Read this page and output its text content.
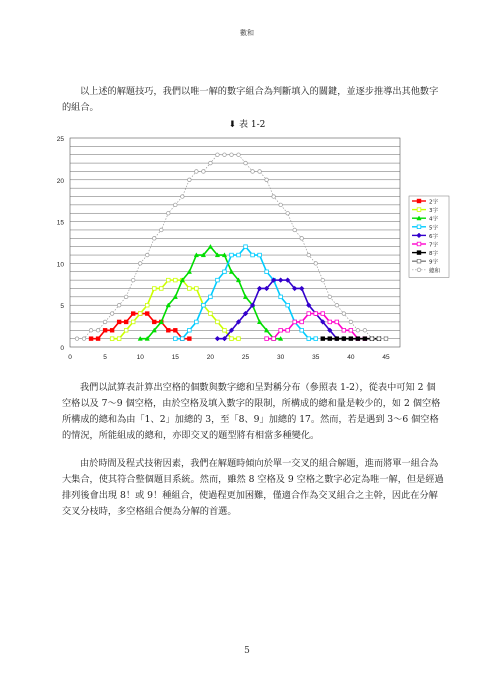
數和

以上述的解題技巧，我們以唯一解的數字組合為判斷填入的關鍵，並逐步推導出其他數字的組合。

⬇ 表 1-2
0
5
10
15
20
25
0	5	10	15	20	25	30	35	40	45
2字
3字
4字
5字
6字
7字
8字
9字
總和

我們以試算表計算出空格的個數與數字總和呈對稱分布（參照表 1-2），從表中可知 2 個空格以及 7～9 個空格，由於空格及填入數字的限制，所構成的總和量是較少的，如 2 個空格所構成的總和為由「1、2」加總的 3，至「8、9」加總的 17。然而，若是遇到 3～6 個空格的情況，所能組成的總和，亦即交叉的題型將有相當多種變化。

由於時間及程式技術因素，我們在解題時傾向於單一交叉的組合解題，進而將單一組合為大集合，使其符合整個題目系統。然而，雖然 8 空格及 9 空格之數字必定為唯一解，但是經過排列後會出現 8！或 9！種組合，使過程更加困難，僅適合作為交叉組合之主幹，因此在分解交叉分枝時，多空格組合便為分解的首選。

5
